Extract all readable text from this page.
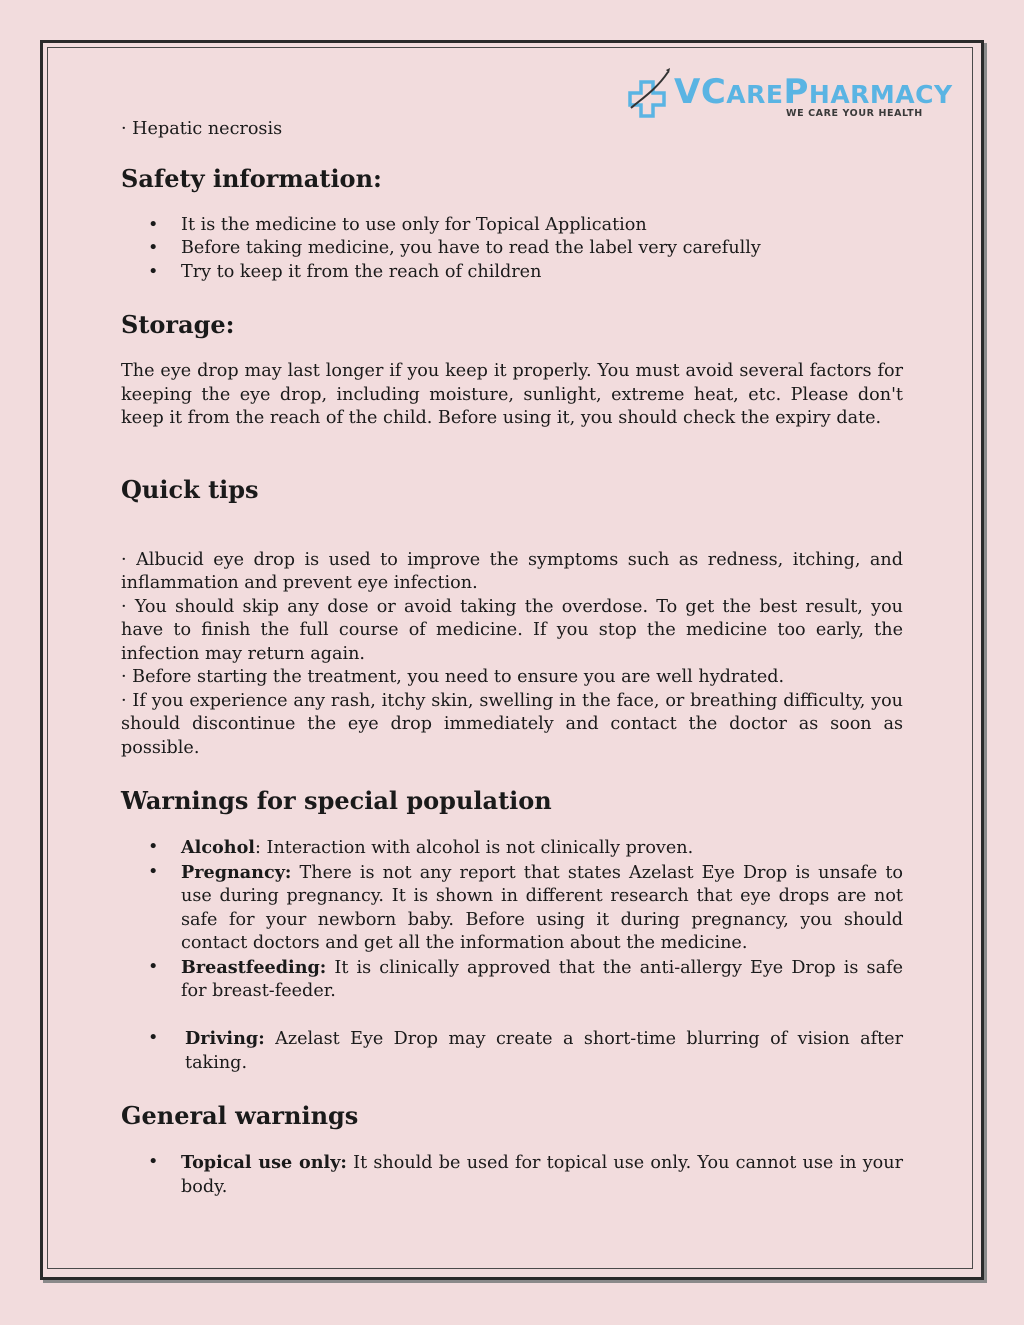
VCAREPHARMACY
WE CARE YOUR HEALTH

· Hepatic necrosis

Safety information:
• It is the medicine to use only for Topical Application
• Before taking medicine, you have to read the label very carefully
• Try to keep it from the reach of children
Storage:

The eye drop may last longer if you keep it properly. You must avoid several factors for keeping the eye drop, including moisture, sunlight, extreme heat, etc. Please don't keep it from the reach of the child. Before using it, you should check the expiry date.

Quick tips

· Albucid eye drop is used to improve the symptoms such as redness, itching, and inflammation and prevent eye infection.

· You should skip any dose or avoid taking the overdose. To get the best result, you have to finish the full course of medicine. If you stop the medicine too early, the infection may return again.

· Before starting the treatment, you need to ensure you are well hydrated.

· If you experience any rash, itchy skin, swelling in the face, or breathing difficulty, you should discontinue the eye drop immediately and contact the doctor as soon as possible.

Warnings for special population
• Alcohol: Interaction with alcohol is not clinically proven.
• Pregnancy: There is not any report that states Azelast Eye Drop is unsafe to use during pregnancy. It is shown in different research that eye drops are not safe for your newborn baby. Before using it during pregnancy, you should contact doctors and get all the information about the medicine.
• Breastfeeding: It is clinically approved that the anti-allergy Eye Drop is safe for breast-feeder.
• Driving: Azelast Eye Drop may create a short-time blurring of vision after taking.
General warnings
• Topical use only: It should be used for topical use only. You cannot use in your body.
